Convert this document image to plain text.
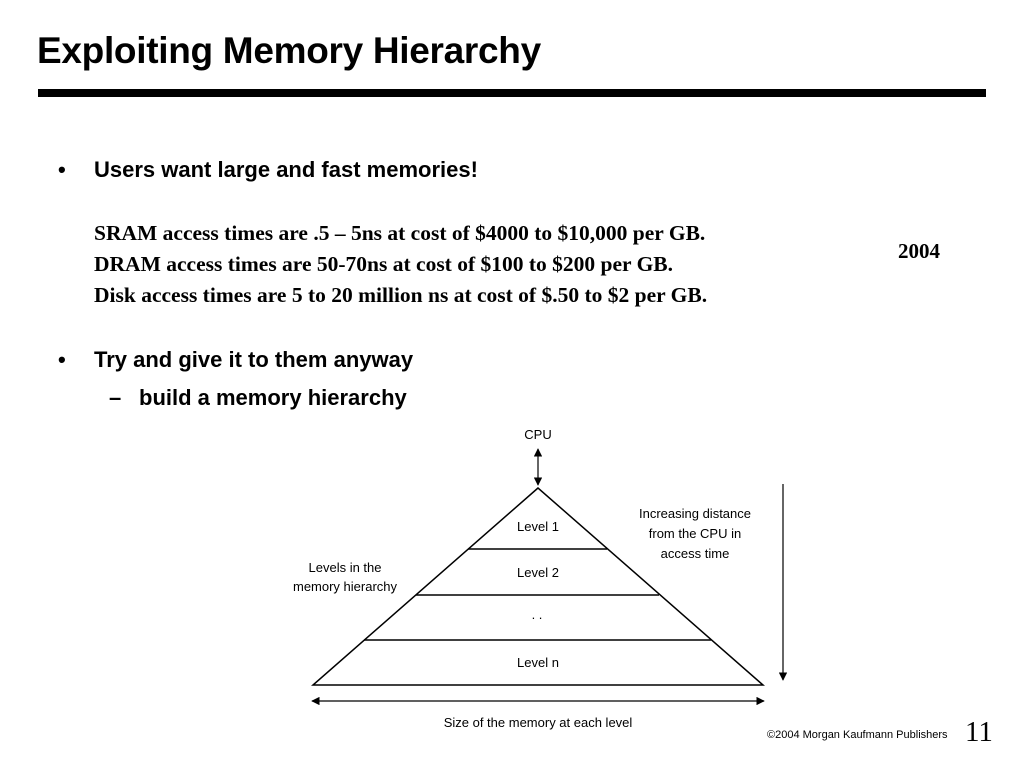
Exploiting Memory Hierarchy
• Users want large and fast memories!
SRAM access times are .5 – 5ns at cost of $4000 to $10,000 per GB.
DRAM access times are 50-70ns at cost of $100 to $200 per GB.
Disk access times are 5 to 20 million ns at cost of $.50 to $2 per GB.
2004
• Try and give it to them anyway
– build a memory hierarchy
CPU
Level 1
Level 2
. .
Level n
Levels in the
memory hierarchy
Increasing distance
from the CPU in
access time
Size of the memory at each level
©2004 Morgan Kaufmann Publishers 11
